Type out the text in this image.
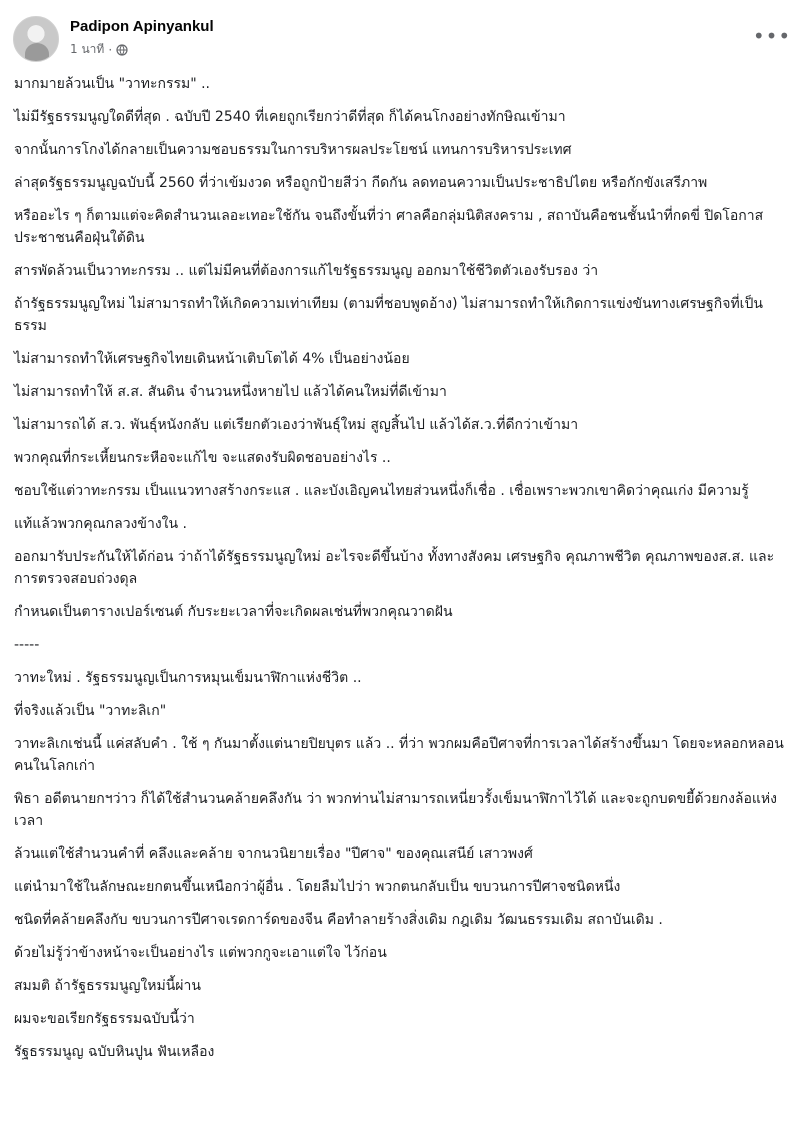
Padipon Apinyankul
1 นาที ·
•••

มากมายล้วนเป็น "วาทะกรรม" ..

ไม่มีรัฐธรรมนูญใดดีที่สุด . ฉบับปี 2540 ที่เคยถูกเรียกว่าดีที่สุด ก็ได้คนโกงอย่างทักษิณเข้ามา

จากนั้นการโกงได้กลายเป็นความชอบธรรมในการบริหารผลประโยชน์ แทนการบริหารประเทศ

ล่าสุดรัฐธรรมนูญฉบับนี้ 2560 ที่ว่าเข้มงวด หรือถูกป้ายสีว่า กีดกัน ลดทอนความเป็นประชาธิปไตย หรือกักขังเสรีภาพ

หรืออะไร ๆ ก็ตามแต่จะคิดสำนวนเลอะเทอะใช้กัน จนถึงขั้นที่ว่า ศาลคือกลุ่มนิติสงคราม , สถาบันคือชนชั้นนำที่กดขี่ ปิดโอกาส ประชาชนคือฝุ่นใต้ดิน

สารพัดล้วนเป็นวาทะกรรม .. แต่ไม่มีคนที่ต้องการแก้ไขรัฐธรรมนูญ ออกมาใช้ชีวิตตัวเองรับรอง ว่า

ถ้ารัฐธรรมนูญใหม่ ไม่สามารถทำให้เกิดความเท่าเทียม (ตามที่ชอบพูดอ้าง) ไม่สามารถทำให้เกิดการแข่งขันทางเศรษฐกิจที่เป็นธรรม

ไม่สามารถทำให้เศรษฐกิจไทยเดินหน้าเติบโตได้ 4% เป็นอย่างน้อย

ไม่สามารถทำให้ ส.ส. สันดิน จำนวนหนึ่งหายไป แล้วได้คนใหม่ที่ดีเข้ามา

ไม่สามารถได้ ส.ว. พันธุ์หนังกลับ แต่เรียกตัวเองว่าพันธุ์ใหม่ สูญสิ้นไป แล้วได้ส.ว.ที่ดีกว่าเข้ามา

พวกคุณที่กระเหี้ยนกระหือจะแก้ไข จะแสดงรับผิดชอบอย่างไร ..

ชอบใช้แต่วาทะกรรม เป็นแนวทางสร้างกระแส . และบังเอิญคนไทยส่วนหนึ่งก็เชื่อ . เชื่อเพราะพวกเขาคิดว่าคุณเก่ง มีความรู้

แท้แล้วพวกคุณกลวงข้างใน .

ออกมารับประกันให้ได้ก่อน ว่าถ้าได้รัฐธรรมนูญใหม่ อะไรจะดีขึ้นบ้าง ทั้งทางสังคม เศรษฐกิจ คุณภาพชีวิต คุณภาพของส.ส. และการตรวจสอบถ่วงดุล

กำหนดเป็นตารางเปอร์เซนต์ กับระยะเวลาที่จะเกิดผลเช่นที่พวกคุณวาดฝัน

-----

วาทะใหม่ . รัฐธรรมนูญเป็นการหมุนเข็มนาฬิกาแห่งชีวิต ..

ที่จริงแล้วเป็น "วาทะลิเก"

วาทะลิเกเช่นนี้ แค่สลับคำ . ใช้ ๆ กันมาตั้งแต่นายปิยบุตร แล้ว .. ที่ว่า พวกผมคือปีศาจที่การเวลาได้สร้างขึ้นมา โดยจะหลอกหลอนคนในโลกเก่า

พิธา อดีตนายกฯว่าว ก็ได้ใช้สำนวนคล้ายคลึงกัน ว่า พวกท่านไม่สามารถเหนี่ยวรั้งเข็มนาฬิกาไว้ได้ และจะถูกบดขยี้ด้วยกงล้อแห่งเวลา

ล้วนแต่ใช้สำนวนคำที่ คลึงและคล้าย จากนวนิยายเรื่อง "ปีศาจ" ของคุณเสนีย์ เสาวพงศ์

แต่นำมาใช้ในลักษณะยกตนขึ้นเหนือกว่าผู้อื่น . โดยลืมไปว่า พวกตนกลับเป็น ขบวนการปีศาจชนิดหนึ่ง

ชนิดที่คล้ายคลึงกับ ขบวนการปีศาจเรดการ์ดของจีน คือทำลายร้างสิ่งเดิม กฎเดิม วัฒนธรรมเดิม สถาบันเดิม .

ด้วยไม่รู้ว่าข้างหน้าจะเป็นอย่างไร แต่พวกกูจะเอาแต่ใจ ไว้ก่อน

สมมติ ถ้ารัฐธรรมนูญใหม่นี้ผ่าน

ผมจะขอเรียกรัฐธรรมฉบับนี้ว่า

รัฐธรรมนูญ ฉบับหินปูน ฟันเหลือง
